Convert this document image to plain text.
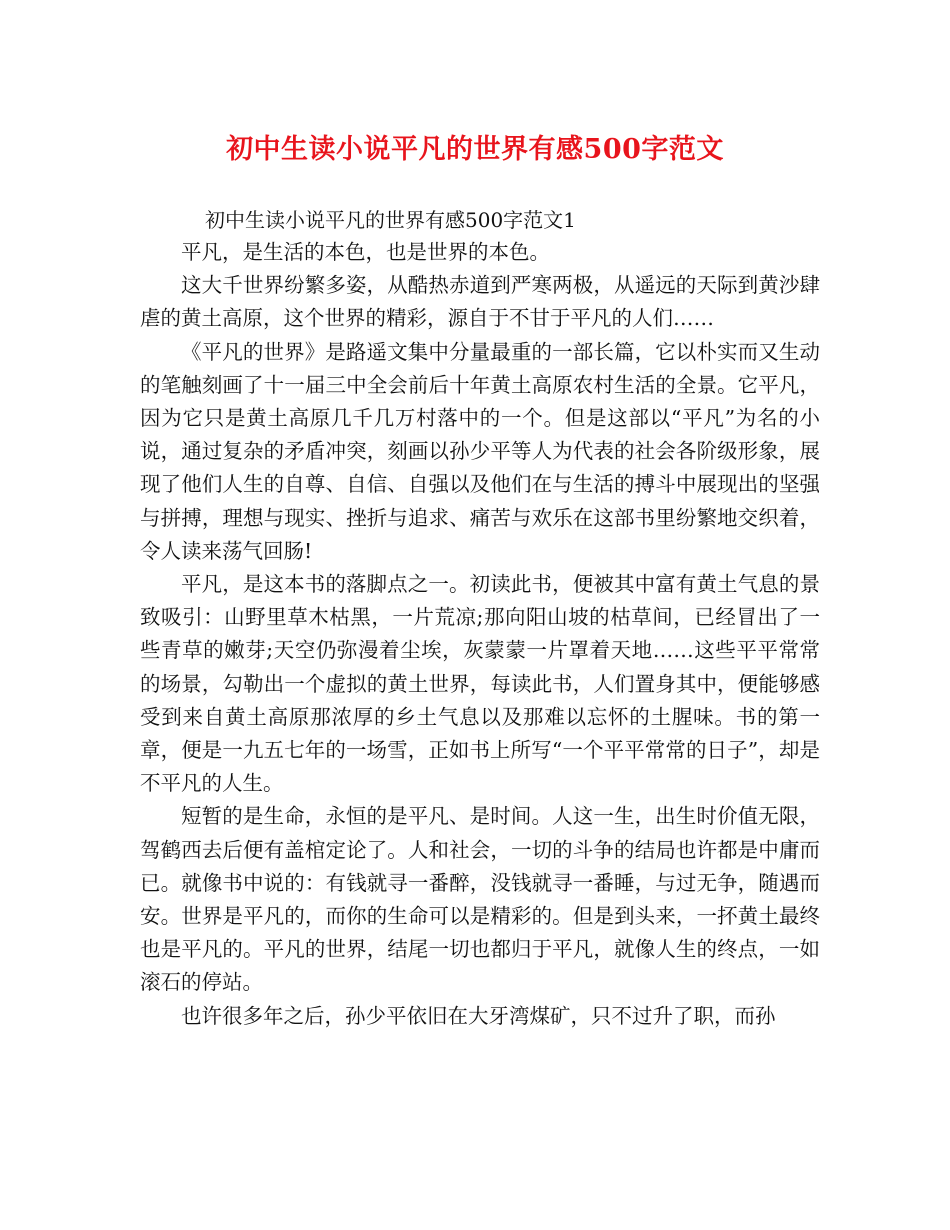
初中生读小说平凡的世界有感500字范文
初中生读小说平凡的世界有感500字范文1

平凡，是生活的本色，也是世界的本色。

这大千世界纷繁多姿，从酷热赤道到严寒两极，从遥远的天际到黄沙肆虐的黄土高原，这个世界的精彩，源自于不甘于平凡的人们……

《平凡的世界》是路遥文集中分量最重的一部长篇，它以朴实而又生动的笔触刻画了十一届三中全会前后十年黄土高原农村生活的全景。它平凡，因为它只是黄土高原几千几万村落中的一个。但是这部以“平凡”为名的小说，通过复杂的矛盾冲突，刻画以孙少平等人为代表的社会各阶级形象，展现了他们人生的自尊、自信、自强以及他们在与生活的搏斗中展现出的坚强与拼搏，理想与现实、挫折与追求、痛苦与欢乐在这部书里纷繁地交织着，令人读来荡气回肠!

平凡，是这本书的落脚点之一。初读此书，便被其中富有黄土气息的景致吸引：山野里草木枯黑，一片荒凉;那向阳山坡的枯草间，已经冒出了一些青草的嫩芽;天空仍弥漫着尘埃，灰蒙蒙一片罩着天地……这些平平常常的场景，勾勒出一个虚拟的黄土世界，每读此书，人们置身其中，便能够感受到来自黄土高原那浓厚的乡土气息以及那难以忘怀的土腥味。书的第一章，便是一九五七年的一场雪，正如书上所写“一个平平常常的日子”，却是不平凡的人生。

短暂的是生命，永恒的是平凡、是时间。人这一生，出生时价值无限，驾鹤西去后便有盖棺定论了。人和社会，一切的斗争的结局也许都是中庸而已。就像书中说的：有钱就寻一番醉，没钱就寻一番睡，与过无争，随遇而安。世界是平凡的，而你的生命可以是精彩的。但是到头来，一抔黄土最终也是平凡的。平凡的世界，结尾一切也都归于平凡，就像人生的终点，一如滚石的停站。

也许很多年之后，孙少平依旧在大牙湾煤矿，只不过升了职，而孙
